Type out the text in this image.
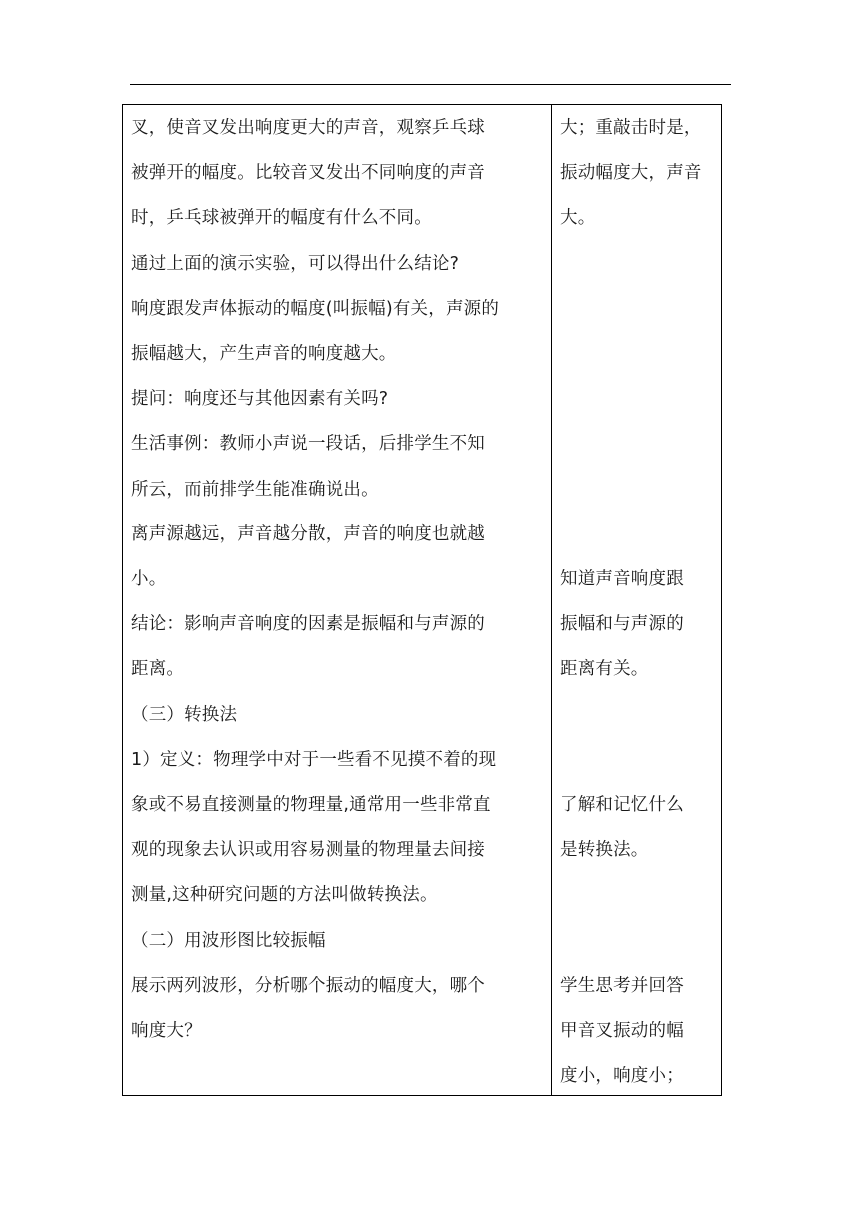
叉，使音叉发出响度更大的声音，观察乒乓球
被弹开的幅度。比较音叉发出不同响度的声音
时，乒乓球被弹开的幅度有什么不同。
通过上面的演示实验，可以得出什么结论?
响度跟发声体振动的幅度(叫振幅)有关，声源的
振幅越大，产生声音的响度越大。
提问：响度还与其他因素有关吗?
生活事例：教师小声说一段话，后排学生不知
所云，而前排学生能准确说出。
离声源越远，声音越分散，声音的响度也就越
小。
结论：影响声音响度的因素是振幅和与声源的
距离。
（三）转换法
1）定义：物理学中对于一些看不见摸不着的现
象或不易直接测量的物理量,通常用一些非常直
观的现象去认识或用容易测量的物理量去间接
测量,这种研究问题的方法叫做转换法。
（二）用波形图比较振幅
展示两列波形，分析哪个振动的幅度大，哪个
响度大？
大；重敲击时是，
振动幅度大，声音
大。
知道声音响度跟
振幅和与声源的
距离有关。
了解和记忆什么
是转换法。
学生思考并回答
甲音叉振动的幅
度小，响度小；
